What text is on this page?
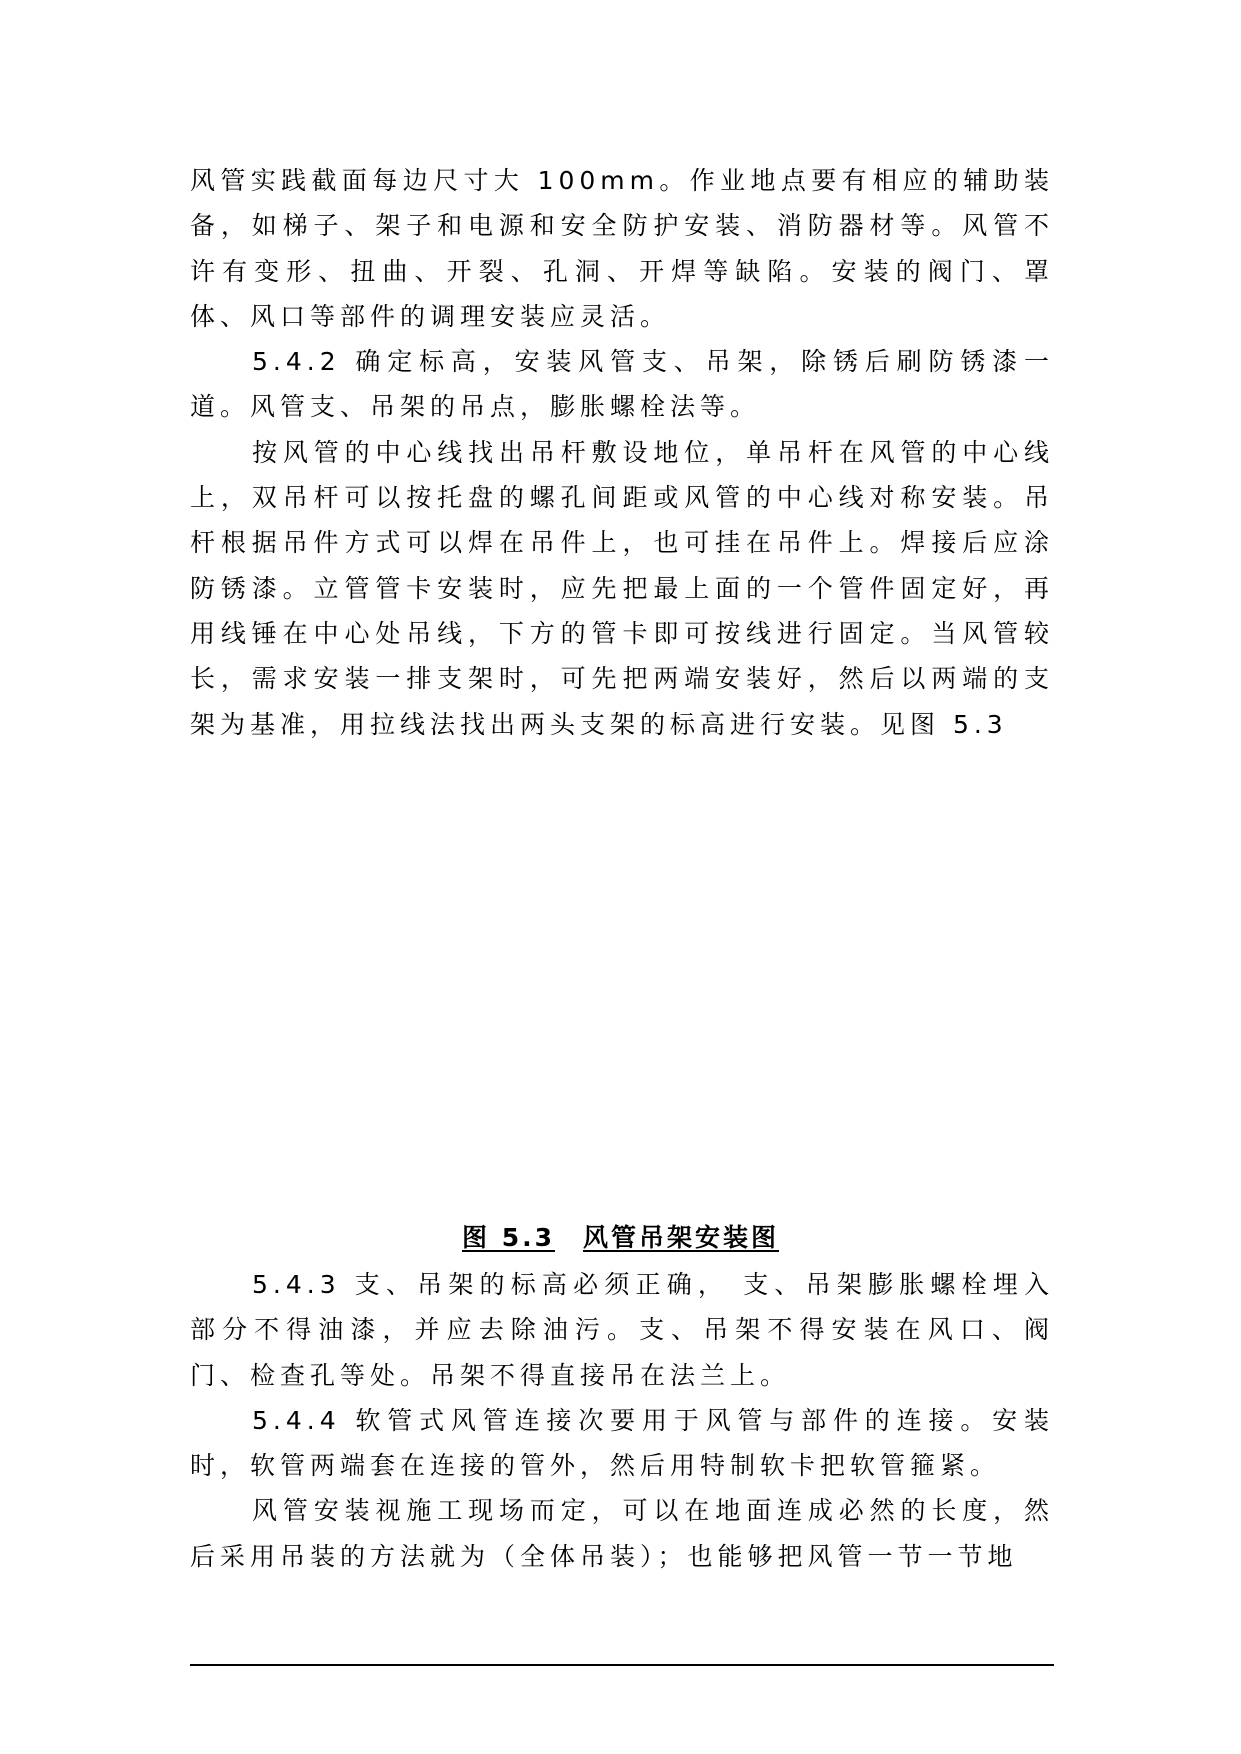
风管实践截面每边尺寸大 100mm。作业地点要有相应的辅助装备，如梯子、架子和电源和安全防护安装、消防器材等。风管不许有变形、扭曲、开裂、孔洞、开焊等缺陷。安装的阀门、罩体、风口等部件的调理安装应灵活。

5.4.2 确定标高，安装风管支、吊架，除锈后刷防锈漆一道。风管支、吊架的吊点，膨胀螺栓法等。

按风管的中心线找出吊杆敷设地位，单吊杆在风管的中心线上，双吊杆可以按托盘的螺孔间距或风管的中心线对称安装。吊杆根据吊件方式可以焊在吊件上，也可挂在吊件上。焊接后应涂防锈漆。立管管卡安装时，应先把最上面的一个管件固定好，再用线锤在中心处吊线，下方的管卡即可按线进行固定。当风管较长，需求安装一排支架时，可先把两端安装好，然后以两端的支架为基准，用拉线法找出两头支架的标高进行安装。见图 5.3

图 5.3 风管吊架安装图

5.4.3 支、吊架的标高必须正确， 支、吊架膨胀螺栓埋入部分不得油漆，并应去除油污。支、吊架不得安装在风口、阀门、检查孔等处。吊架不得直接吊在法兰上。

5.4.4 软管式风管连接次要用于风管与部件的连接。安装时，软管两端套在连接的管外，然后用特制软卡把软管箍紧。

风管安装视施工现场而定，可以在地面连成必然的长度，然后采用吊装的方法就为（全体吊装）；也能够把风管一节一节地
